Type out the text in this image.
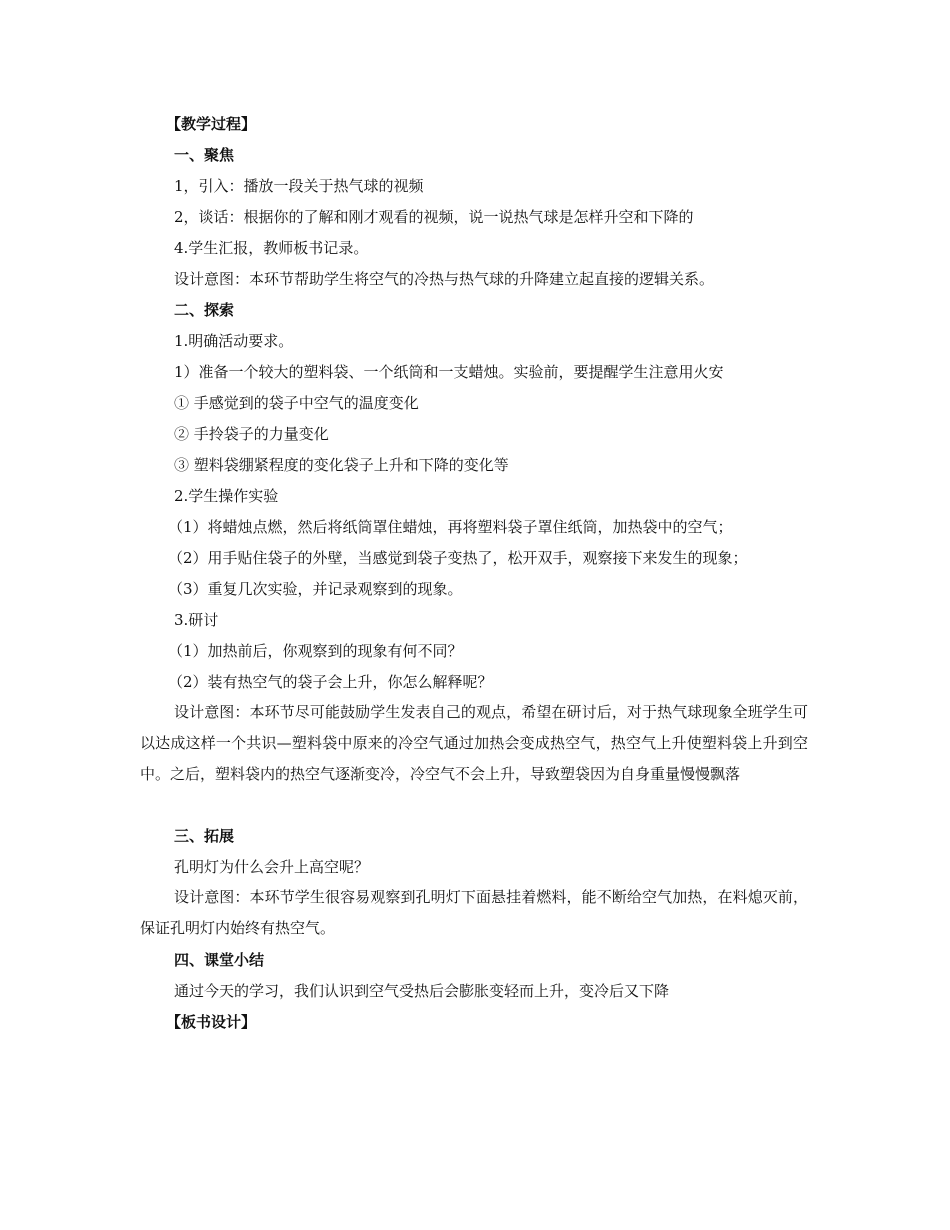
【教学过程】
一、聚焦
1，引入：播放一段关于热气球的视频
2，谈话：根据你的了解和刚才观看的视频，说一说热气球是怎样升空和下降的
4.学生汇报，教师板书记录。
设计意图：本环节帮助学生将空气的冷热与热气球的升降建立起直接的逻辑关系。
二、探索
1.明确活动要求。
1）准备一个较大的塑料袋、一个纸筒和一支蜡烛。实验前，要提醒学生注意用火安
① 手感觉到的袋子中空气的温度变化
② 手拎袋子的力量变化
③ 塑料袋绷紧程度的变化袋子上升和下降的变化等
2.学生操作实验
（1）将蜡烛点燃，然后将纸筒罩住蜡烛，再将塑料袋子罩住纸筒，加热袋中的空气；
（2）用手贴住袋子的外壁，当感觉到袋子变热了，松开双手，观察接下来发生的现象；
（3）重复几次实验，并记录观察到的现象。
3.研讨
（1）加热前后，你观察到的现象有何不同？
（2）装有热空气的袋子会上升，你怎么解释呢？
设计意图：本环节尽可能鼓励学生发表自己的观点，希望在研讨后，对于热气球现象全班学生可以达成这样一个共识—塑料袋中原来的冷空气通过加热会变成热空气，热空气上升使塑料袋上升到空中。之后，塑料袋内的热空气逐渐变冷，冷空气不会上升，导致塑袋因为自身重量慢慢飘落
三、拓展
孔明灯为什么会升上高空呢？
设计意图：本环节学生很容易观察到孔明灯下面悬挂着燃料，能不断给空气加热，在料熄灭前，保证孔明灯内始终有热空气。
四、课堂小结
通过今天的学习，我们认识到空气受热后会膨胀变轻而上升，变冷后又下降
【板书设计】
